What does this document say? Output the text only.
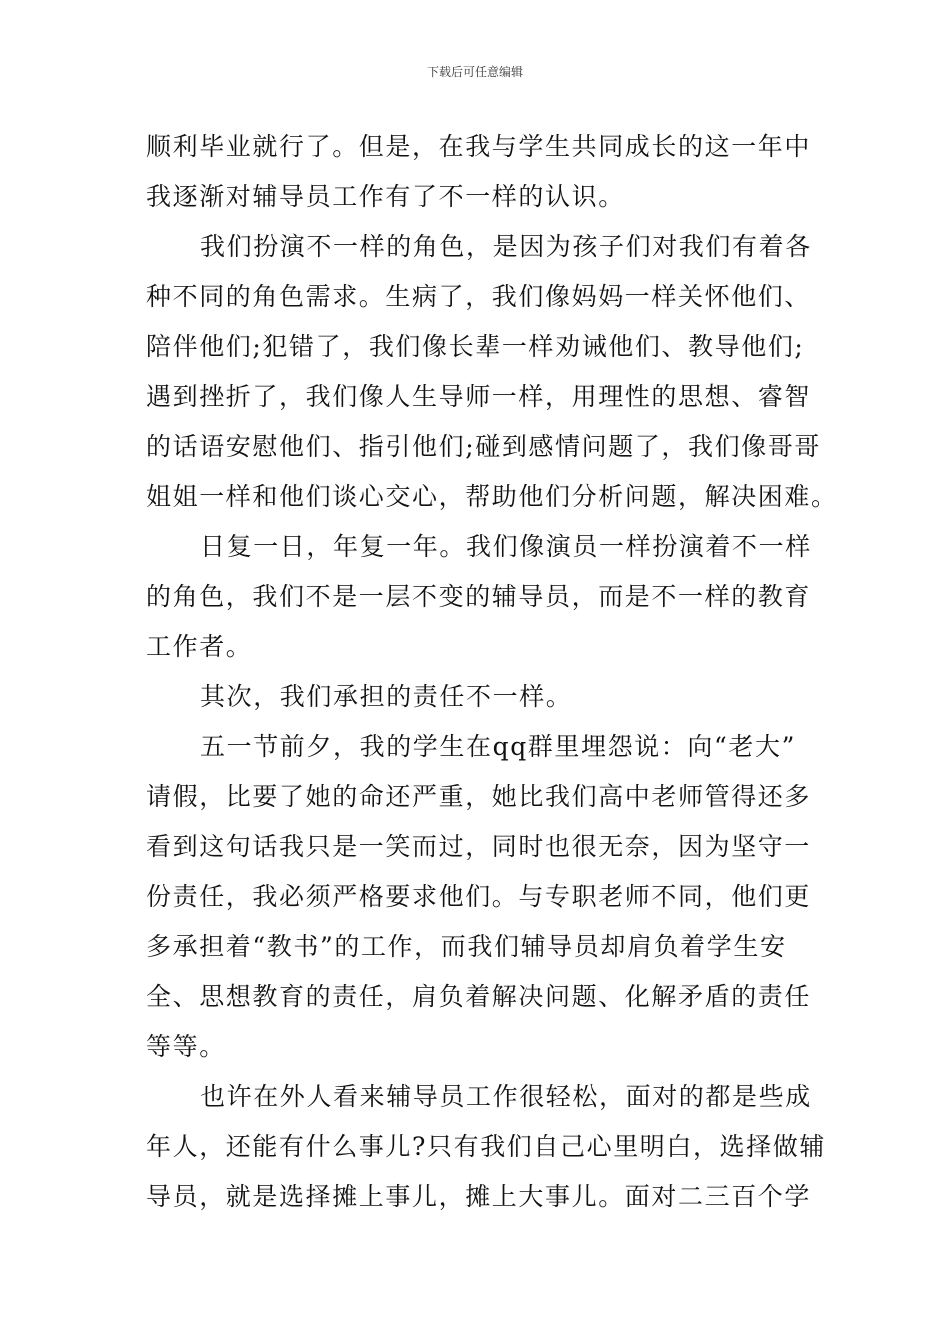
下载后可任意编辑
顺利毕业就行了。但是，在我与学生共同成长的这一年中
我逐渐对辅导员工作有了不一样的认识。
我们扮演不一样的角色，是因为孩子们对我们有着各
种不同的角色需求。生病了，我们像妈妈一样关怀他们、
陪伴他们;犯错了，我们像长辈一样劝诫他们、教导他们;
遇到挫折了，我们像人生导师一样，用理性的思想、睿智
的话语安慰他们、指引他们;碰到感情问题了，我们像哥哥
姐姐一样和他们谈心交心，帮助他们分析问题，解决困难。
日复一日，年复一年。我们像演员一样扮演着不一样
的角色，我们不是一层不变的辅导员，而是不一样的教育
工作者。
其次，我们承担的责任不一样。
五一节前夕，我的学生在qq群里埋怨说：向“老大”
请假，比要了她的命还严重，她比我们高中老师管得还多
看到这句话我只是一笑而过，同时也很无奈，因为坚守一
份责任，我必须严格要求他们。与专职老师不同，他们更
多承担着“教书”的工作，而我们辅导员却肩负着学生安
全、思想教育的责任，肩负着解决问题、化解矛盾的责任
等等。
也许在外人看来辅导员工作很轻松，面对的都是些成
年人，还能有什么事儿?只有我们自己心里明白，选择做辅
导员，就是选择摊上事儿，摊上大事儿。面对二三百个学
